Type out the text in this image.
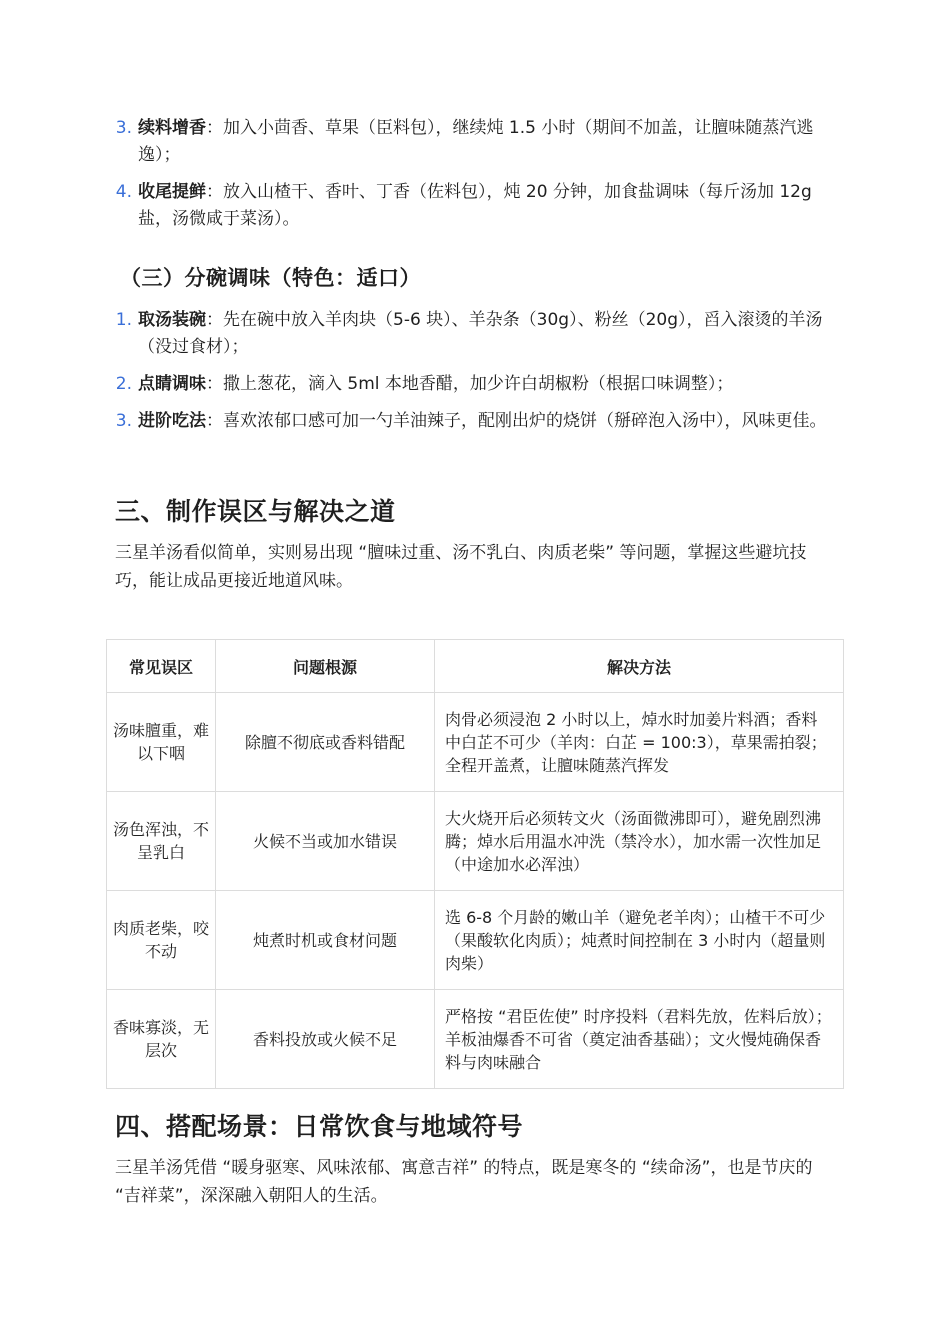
3. 续料增香：加入小茴香、草果（臣料包），继续炖 1.5 小时（期间不加盖，让膻味随蒸汽逃逸）；
4. 收尾提鲜：放入山楂干、香叶、丁香（佐料包），炖 20 分钟，加食盐调味（每斤汤加 12g 盐，汤微咸于菜汤）。
（三）分碗调味（特色：适口）
1. 取汤装碗：先在碗中放入羊肉块（5-6 块）、羊杂条（30g）、粉丝（20g），舀入滚烫的羊汤（没过食材）；
2. 点睛调味：撒上葱花，滴入 5ml 本地香醋，加少许白胡椒粉（根据口味调整）；
3. 进阶吃法：喜欢浓郁口感可加一勺羊油辣子，配刚出炉的烧饼（掰碎泡入汤中），风味更佳。
三、制作误区与解决之道

三星羊汤看似简单，实则易出现 “膻味过重、汤不乳白、肉质老柴” 等问题，掌握这些避坑技巧，能让成品更接近地道风味。

常见误区	问题根源	解决方法
汤味膻重，难以下咽	除膻不彻底或香料错配	肉骨必须浸泡 2 小时以上，焯水时加姜片料酒；香料中白芷不可少（羊肉：白芷 = 100:3），草果需拍裂；全程开盖煮，让膻味随蒸汽挥发
汤色浑浊，不呈乳白	火候不当或加水错误	大火烧开后必须转文火（汤面微沸即可），避免剧烈沸腾；焯水后用温水冲洗（禁冷水），加水需一次性加足（中途加水必浑浊）
肉质老柴，咬不动	炖煮时机或食材问题	选 6-8 个月龄的嫩山羊（避免老羊肉）；山楂干不可少（果酸软化肉质）；炖煮时间控制在 3 小时内（超量则肉柴）
香味寡淡，无层次	香料投放或火候不足	严格按 “君臣佐使” 时序投料（君料先放，佐料后放）；羊板油爆香不可省（奠定油香基础）；文火慢炖确保香料与肉味融合
四、搭配场景：日常饮食与地域符号

三星羊汤凭借 “暖身驱寒、风味浓郁、寓意吉祥” 的特点，既是寒冬的 “续命汤”，也是节庆的 “吉祥菜”，深深融入朝阳人的生活。
